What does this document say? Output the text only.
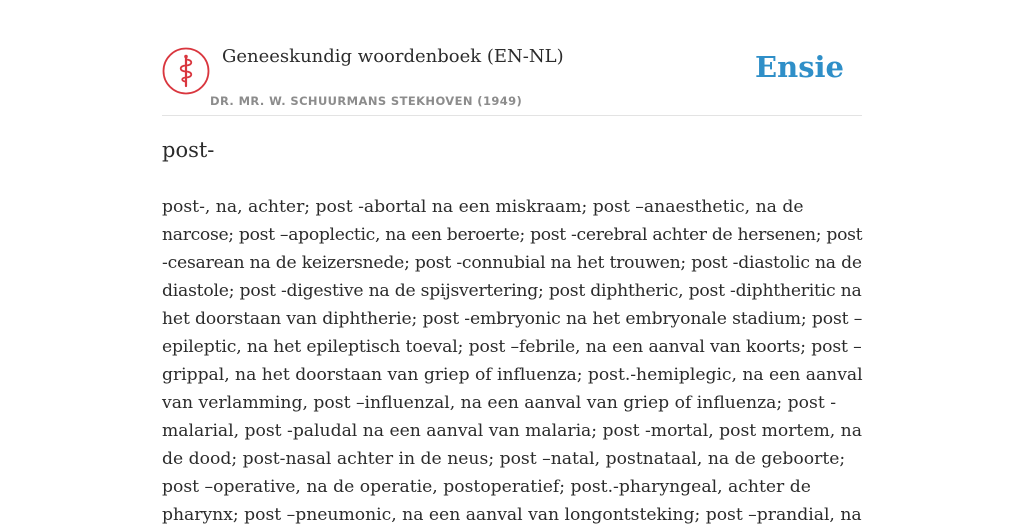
Geneeskundig woordenboek (EN-NL)
DR. MR. W. SCHUURMANS STEKHOVEN (1949)
Ensie
post-

post-, na, achter; post -abortal na een miskraam; post –anaesthetic, na de
narcose; post –apoplectic, na een beroerte; post -cerebral achter de hersenen; post
-cesarean na de keizersnede; post -connubial na het trouwen; post -diastolic na de
diastole; post -digestive na de spijsvertering; post diphtheric, post -diphtheritic na
het doorstaan van diphtherie; post -embryonic na het embryonale stadium; post –
epileptic, na het epileptisch toeval; post –febrile, na een aanval van koorts; post –
grippal, na het doorstaan van griep of influenza; post.-hemiplegic, na een aanval
van verlamming, post –influenzal, na een aanval van griep of influenza; post -
malarial, post -paludal na een aanval van malaria; post -mortal, post mortem, na
de dood; post-nasal achter in de neus; post –natal, postnataal, na de geboorte;
post –operative, na de operatie, postoperatief; post.-pharyngeal, achter de
pharynx; post –pneumonic, na een aanval van longontsteking; post –prandial, na
